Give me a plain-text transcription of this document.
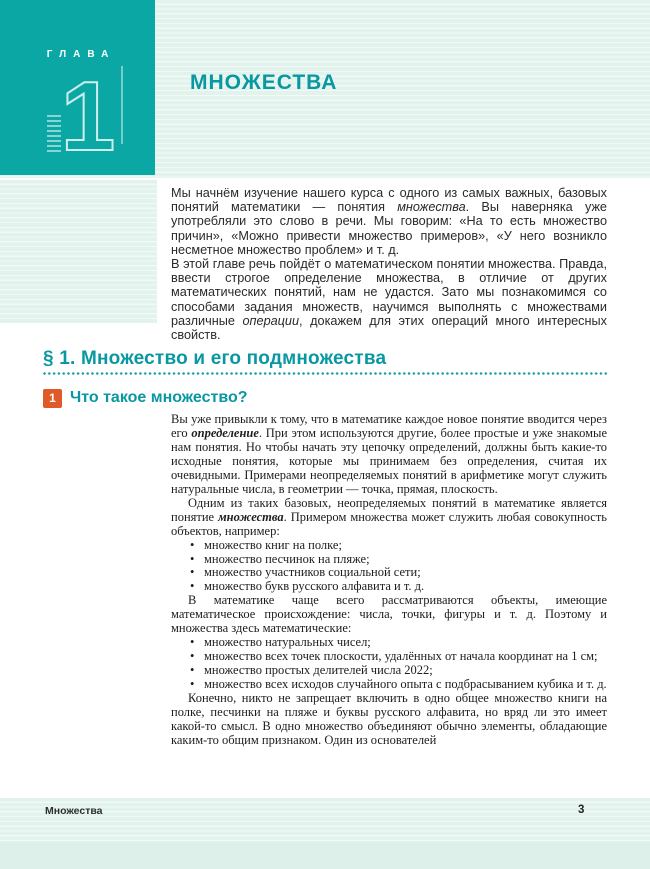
ГЛАВА
1	МНОЖЕСТВА

Мы начнём изучение нашего курса с одного из самых важных, базовых понятий математики — понятия множества. Вы наверняка уже употребляли это слово в речи. Мы говорим: «На то есть множество причин», «Можно привести множество примеров», «У него возникло несметное множество проблем» и т. д.

В этой главе речь пойдёт о математическом понятии множества. Правда, ввести строгое определение множества, в отличие от других математических понятий, нам не удастся. Зато мы познакомимся со способами задания множеств, научимся выполнять с множествами различные операции, докажем для этих операций много интересных свойств.

§ 1. Множество и его подмножества
1 Что такое множество?

Вы уже привыкли к тому, что в математике каждое новое понятие вводится через его определение. При этом используются другие, более простые и уже знакомые нам понятия. Но чтобы начать эту цепочку определений, должны быть какие-то исходные понятия, которые мы принимаем без определения, считая их очевидными. Примерами неопределяемых понятий в арифметике могут служить натуральные числа, в геометрии — точка, прямая, плоскость.

Одним из таких базовых, неопределяемых понятий в математике является понятие множества. Примером множества может служить любая совокупность объектов, например:

• множество книг на полке;
• множество песчинок на пляже;
• множество участников социальной сети;
• множество букв русского алфавита и т. д.

В математике чаще всего рассматриваются объекты, имеющие математическое происхождение: числа, точки, фигуры и т. д. Поэтому и множества здесь математические:

• множество натуральных чисел;
• множество всех точек плоскости, удалённых от начала координат на 1 см;
• множество простых делителей числа 2022;
• множество всех исходов случайного опыта с подбрасыванием кубика и т. д.

Конечно, никто не запрещает включить в одно общее множество книги на полке, песчинки на пляже и буквы русского алфавита, но вряд ли это имеет какой-то смысл. В одно множество объединяют обычно элементы, обладающие каким-то общим признаком. Один из основателей

Множества	3
